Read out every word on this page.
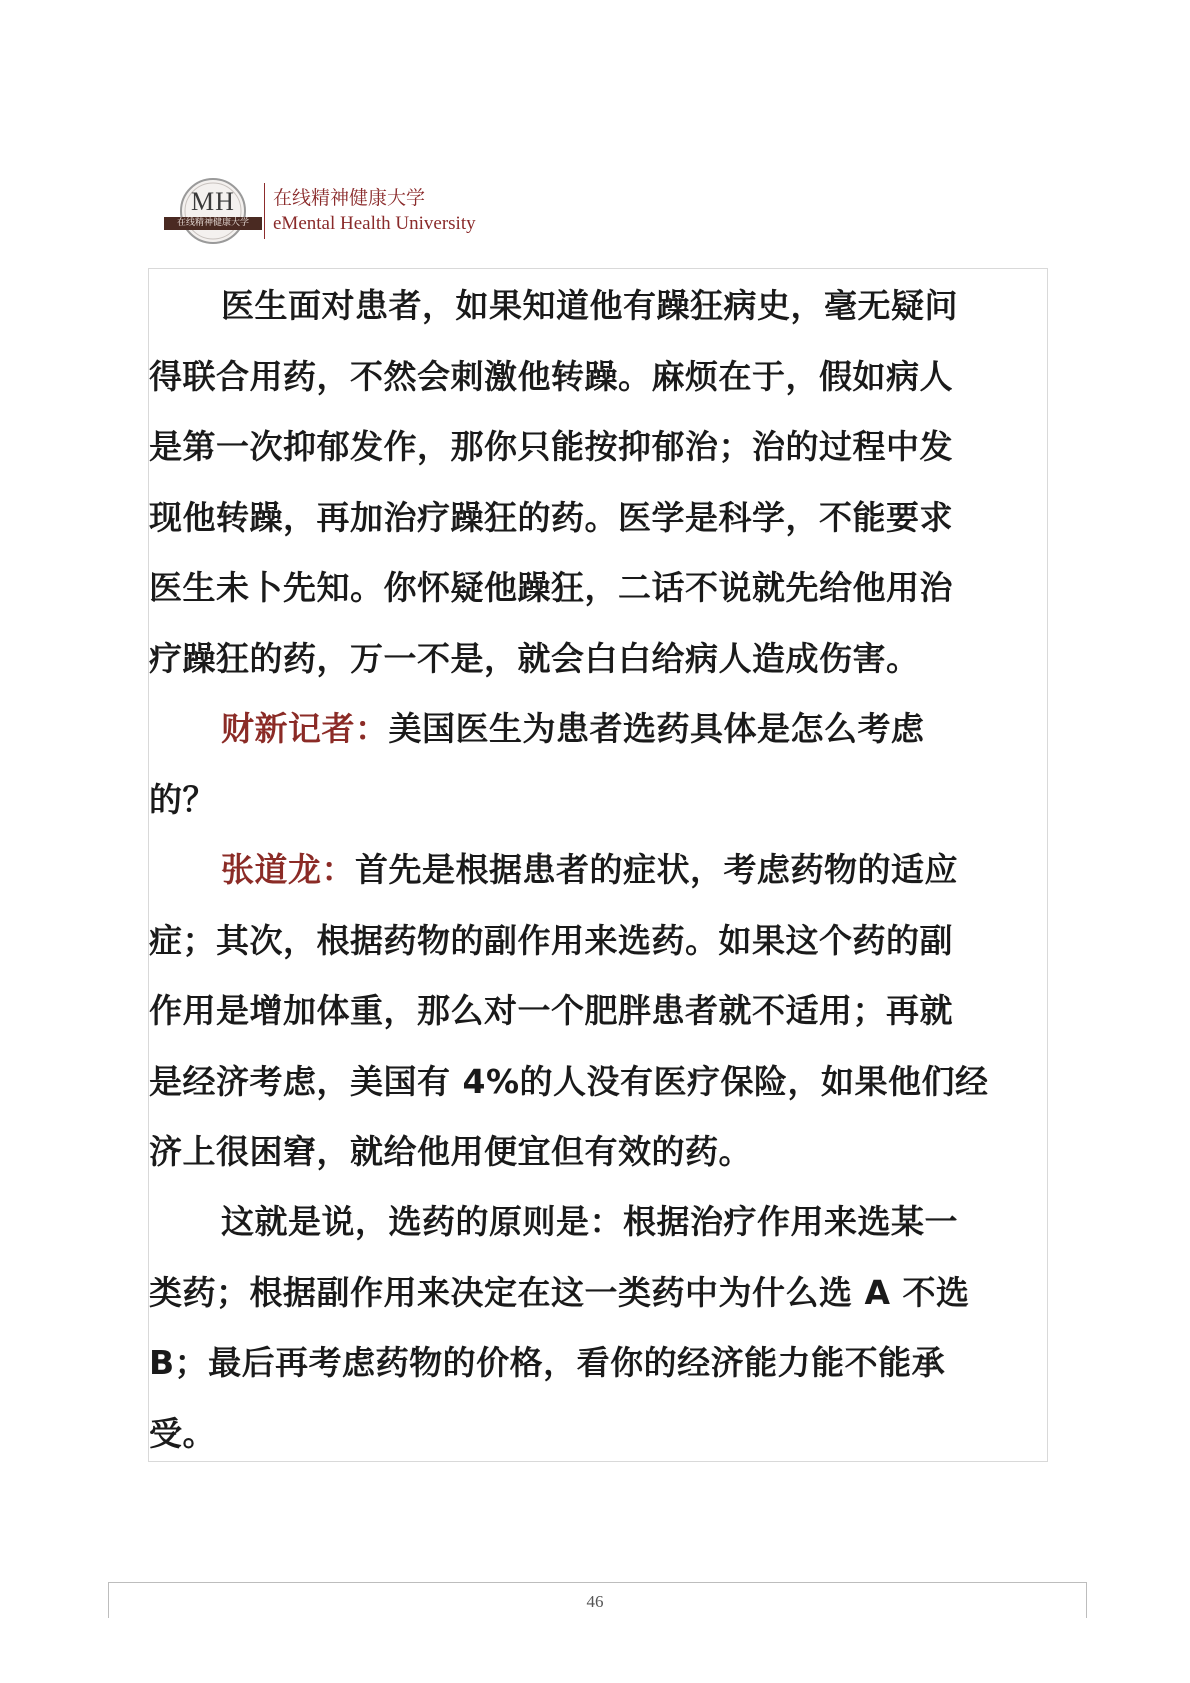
MH
在线精神健康大学
在线精神健康大学
eMental Health University

医生面对患者，如果知道他有躁狂病史，毫无疑问
得联合用药，不然会刺激他转躁。麻烦在于，假如病人
是第一次抑郁发作，那你只能按抑郁治；治的过程中发
现他转躁，再加治疗躁狂的药。医学是科学，不能要求
医生未卜先知。你怀疑他躁狂，二话不说就先给他用治
疗躁狂的药，万一不是，就会白白给病人造成伤害。

财新记者：美国医生为患者选药具体是怎么考虑
的？

张道龙：首先是根据患者的症状，考虑药物的适应
症；其次，根据药物的副作用来选药。如果这个药的副
作用是增加体重，那么对一个肥胖患者就不适用；再就
是经济考虑，美国有 4%的人没有医疗保险，如果他们经
济上很困窘，就给他用便宜但有效的药。

这就是说，选药的原则是：根据治疗作用来选某一
类药；根据副作用来决定在这一类药中为什么选 A 不选
B；最后再考虑药物的价格，看你的经济能力能不能承
受。

46
